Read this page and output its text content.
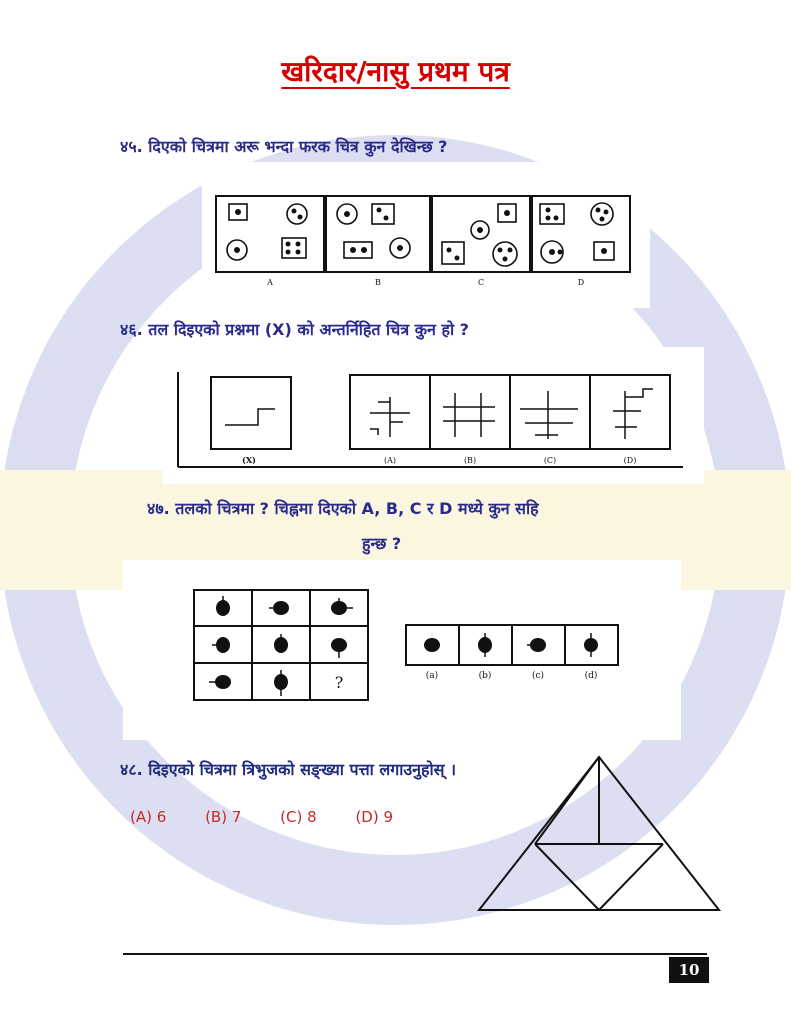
खरिदार/नासु प्रथम पत्र
४५. दिएको चित्रमा अरू भन्दा फरक चित्र कुन देखिन्छ ?
A	B	C	D
४६. तल दिइएको प्रश्नमा (X) को अन्तर्निहित चित्र कुन हो ?
(X)	(A)	(B)	(C)	(D)
४७. तलको चित्रमा ? चिह्नमा दिएको A, B, C र D मध्ये कुन सहि
हुन्छ ?
?	(a)	(b)	(c)	(d)
४८. दिइएको चित्रमा त्रिभुजको सङ्ख्या पत्ता लगाउनुहोस् ।
(A) 6	(B) 7	(C) 8	(D) 9
10
